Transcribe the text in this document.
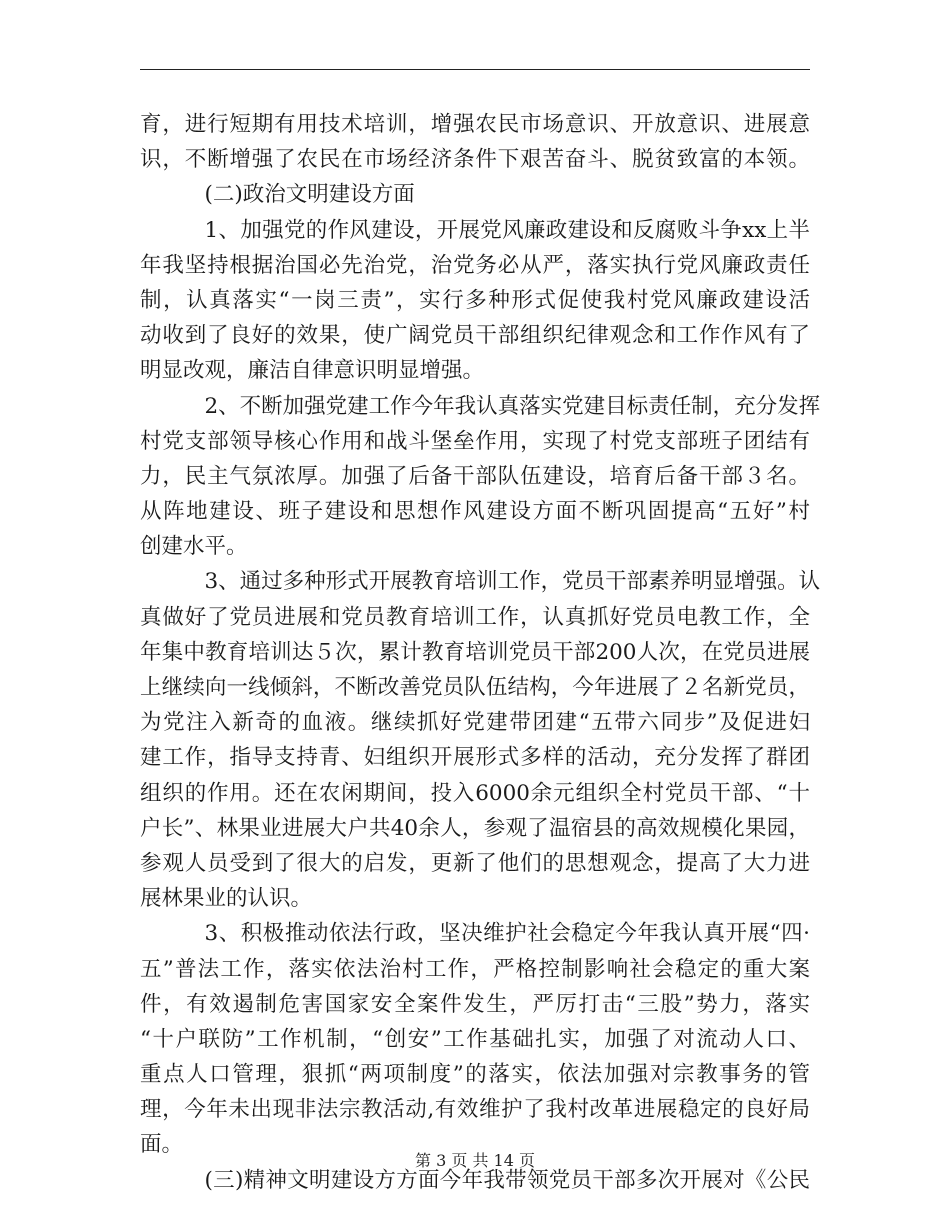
育，进行短期有用技术培训，增强农民市场意识、开放意识、进展意
识，不断增强了农民在市场经济条件下艰苦奋斗、脱贫致富的本领。
(二)政治文明建设方面
1、加强党的作风建设，开展党风廉政建设和反腐败斗争xx上半
年我坚持根据治国必先治党，治党务必从严，落实执行党风廉政责任
制，认真落实“一岗三责”，实行多种形式促使我村党风廉政建设活
动收到了良好的效果，使广阔党员干部组织纪律观念和工作作风有了
明显改观，廉洁自律意识明显增强。
2、不断加强党建工作今年我认真落实党建目标责任制，充分发挥
村党支部领导核心作用和战斗堡垒作用，实现了村党支部班子团结有
力，民主气氛浓厚。加强了后备干部队伍建设，培育后备干部３名。
从阵地建设、班子建设和思想作风建设方面不断巩固提高“五好”村
创建水平。
3、通过多种形式开展教育培训工作，党员干部素养明显增强。认
真做好了党员进展和党员教育培训工作，认真抓好党员电教工作，全
年集中教育培训达５次，累计教育培训党员干部200人次，在党员进展
上继续向一线倾斜，不断改善党员队伍结构，今年进展了２名新党员，
为党注入新奇的血液。继续抓好党建带团建“五带六同步”及促进妇
建工作，指导支持青、妇组织开展形式多样的活动，充分发挥了群团
组织的作用。还在农闲期间，投入6000余元组织全村党员干部、“十
户长”、林果业进展大户共40余人，参观了温宿县的高效规模化果园，
参观人员受到了很大的启发，更新了他们的思想观念，提高了大力进
展林果业的认识。
3、积极推动依法行政，坚决维护社会稳定今年我认真开展“四·
五”普法工作，落实依法治村工作，严格控制影响社会稳定的重大案
件，有效遏制危害国家安全案件发生，严厉打击“三股”势力，落实
“十户联防”工作机制，“创安”工作基础扎实，加强了对流动人口、
重点人口管理，狠抓“两项制度”的落实，依法加强对宗教事务的管
理，今年未出现非法宗教活动,有效维护了我村改革进展稳定的良好局
面。
(三)精神文明建设方方面今年我带领党员干部多次开展对《公民
第 3 页 共 14 页
